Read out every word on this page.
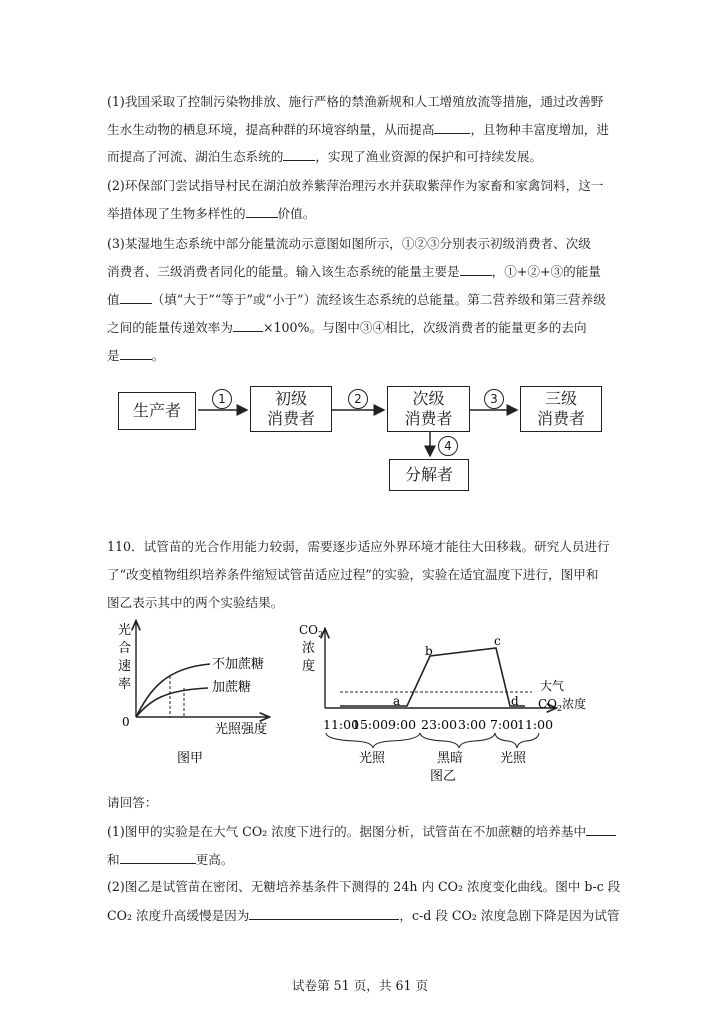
(1)我国采取了控制污染物排放、施行严格的禁渔新规和人工增殖放流等措施，通过改善野

生水生动物的栖息环境，提高种群的环境容纳量，从而提高	，且物种丰富度增加，进

而提高了河流、湖泊生态系统的	，实现了渔业资源的保护和可持续发展。

(2)环保部门尝试指导村民在湖泊放养紫萍治理污水并获取紫萍作为家畜和家禽饲料，这一

举措体现了生物多样性的	价值。

(3)某湿地生态系统中部分能量流动示意图如图所示，①②③分别表示初级消费者、次级

消费者、三级消费者同化的能量。输入该生态系统的能量主要是	，①+②+③的能量

值	（填“大于”“等于”或“小于”）流经该生态系统的总能量。第二营养级和第三营养级

之间的能量传递效率为 ×100%。与图中③④相比，次级消费者的能量更多的去向

是	。

生产者
初级
消费者
次级
消费者
三级
消费者
分解者
1	2	3
4

110．试管苗的光合作用能力较弱，需要逐步适应外界环境才能往大田移栽。研究人员进行

了“改变植物组织培养条件缩短试管苗适应过程”的实验，实验在适宜温度下进行，图甲和

图乙表示其中的两个实验结果。

光
合
速
率
0
不加蔗糖
加蔗糖
光照强度
图甲
$CO_2$
浓
度
a
b
c
d
大气
$CO_2$浓度
11:00
15:00 9:00 23:00 3:00 7:00
11:00
光照	黑暗	光照
图乙

请回答：

(1)图甲的实验是在大气 CO₂ 浓度下进行的。据图分析，试管苗在不加蔗糖的培养基中

和	更高。

(2)图乙是试管苗在密闭、无糖培养基条件下测得的 24h 内 CO₂ 浓度变化曲线。图中 b-c 段

CO₂ 浓度升高缓慢是因为	，c-d 段 CO₂ 浓度急剧下降是因为试管

试卷第 51 页，共 61 页
